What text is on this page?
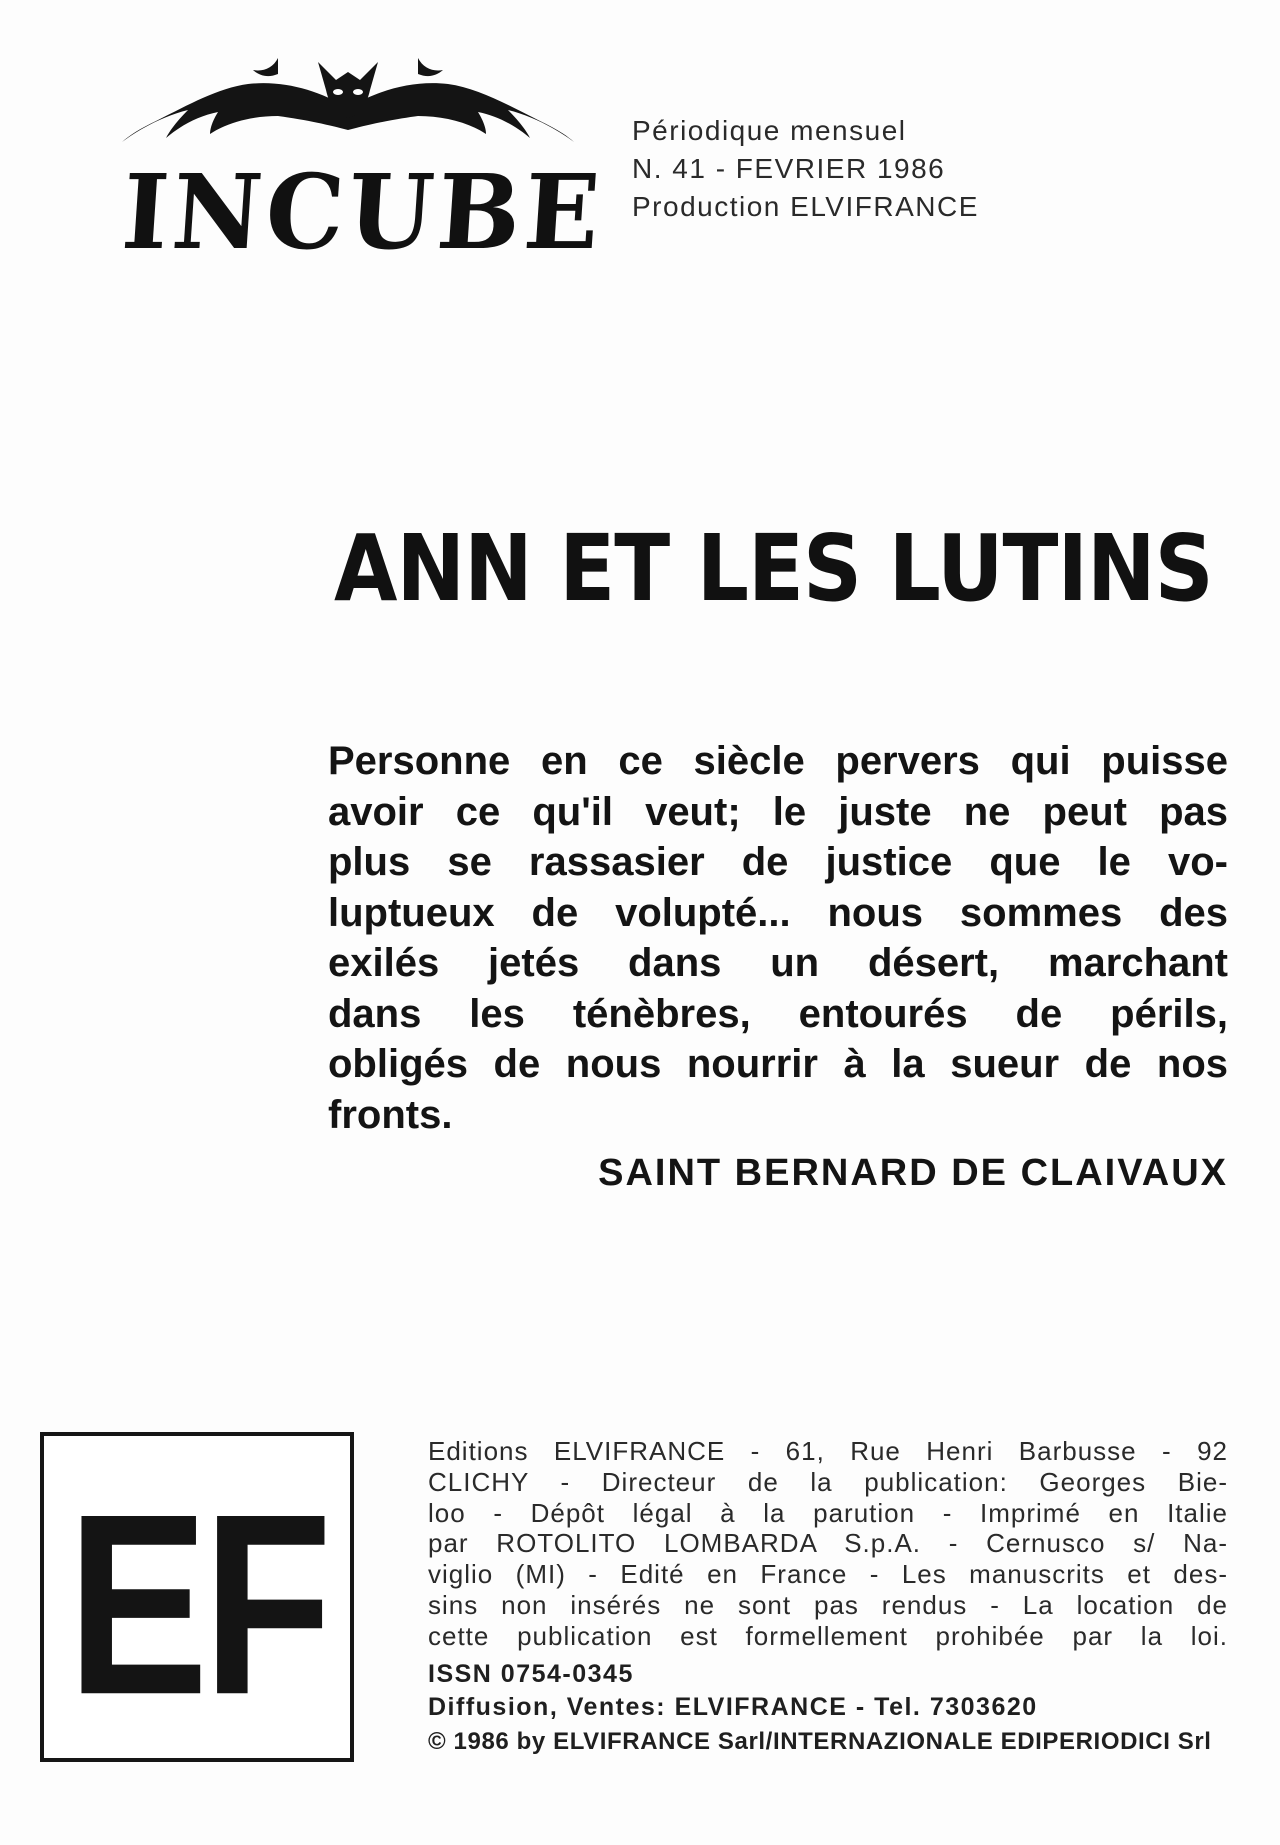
INCUBE
Périodique mensuel
N. 41 - FEVRIER 1986
Production ELVIFRANCE
ANN ET LES LUTINS
Personne en ce siècle pervers qui puisse
avoir ce qu'il veut; le juste ne peut pas
plus se rassasier de justice que le vo-
luptueux de volupté... nous sommes des
exilés jetés dans un désert, marchant
dans les ténèbres, entourés de périls,
obligés de nous nourrir à la sueur de nos
fronts.
SAINT BERNARD DE CLAIVAUX
EF
Editions ELVIFRANCE - 61, Rue Henri Barbusse - 92
CLICHY - Directeur de la publication: Georges Bie-
loo - Dépôt légal à la parution - Imprimé en Italie
par ROTOLITO LOMBARDA S.p.A. - Cernusco s/ Na-
viglio (MI) - Edité en France - Les manuscrits et des-
sins non insérés ne sont pas rendus - La location de
cette publication est formellement prohibée par la loi.
ISSN 0754-0345
Diffusion, Ventes: ELVIFRANCE - Tel. 7303620
© 1986 by ELVIFRANCE Sarl/INTERNAZIONALE EDIPERIODICI Srl
